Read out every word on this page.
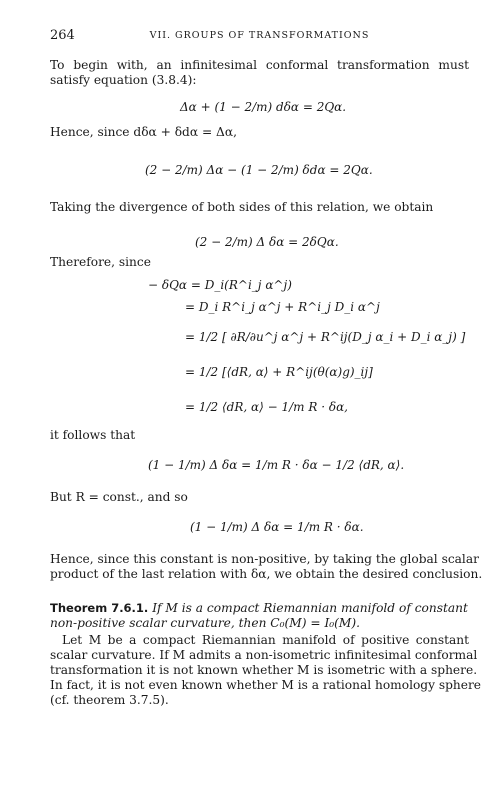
264	VII. GROUPS OF TRANSFORMATIONS
To begin with, an infinitesimal conformal transformation must
satisfy equation (3.8.4):
Δα + (1 − 2/m) dδα = 2Qα.
Hence, since dδα + δdα = Δα,
(2 − 2/m) Δα − (1 − 2/m) δdα = 2Qα.
Taking the divergence of both sides of this relation, we obtain
(2 − 2/m) Δ δα = 2δQα.
Therefore, since
− δQα = D_i(R^i_j α^j)
= D_i R^i_j α^j + R^i_j D_i α^j
= 1/2 [ ∂R/∂u^j α^j + R^ij(D_j α_i + D_i α_j) ]
= 1/2 [⟨dR, α⟩ + R^ij(θ(α)g)_ij]
= 1/2 ⟨dR, α⟩ − 1/m R · δα,
it follows that
(1 − 1/m) Δ δα = 1/m R · δα − 1/2 ⟨dR, α⟩.
But R = const., and so
(1 − 1/m) Δ δα = 1/m R · δα.
Hence, since this constant is non-positive, by taking the global scalar
product of the last relation with δα, we obtain the desired conclusion.
Theorem 7.6.1. If M is a compact Riemannian manifold of constant
non-positive scalar curvature, then C₀(M) = I₀(M).
Let M be a compact Riemannian manifold of positive constant
scalar curvature. If M admits a non-isometric infinitesimal conformal
transformation it is not known whether M is isometric with a sphere.
In fact, it is not even known whether M is a rational homology sphere
(cf. theorem 3.7.5).
